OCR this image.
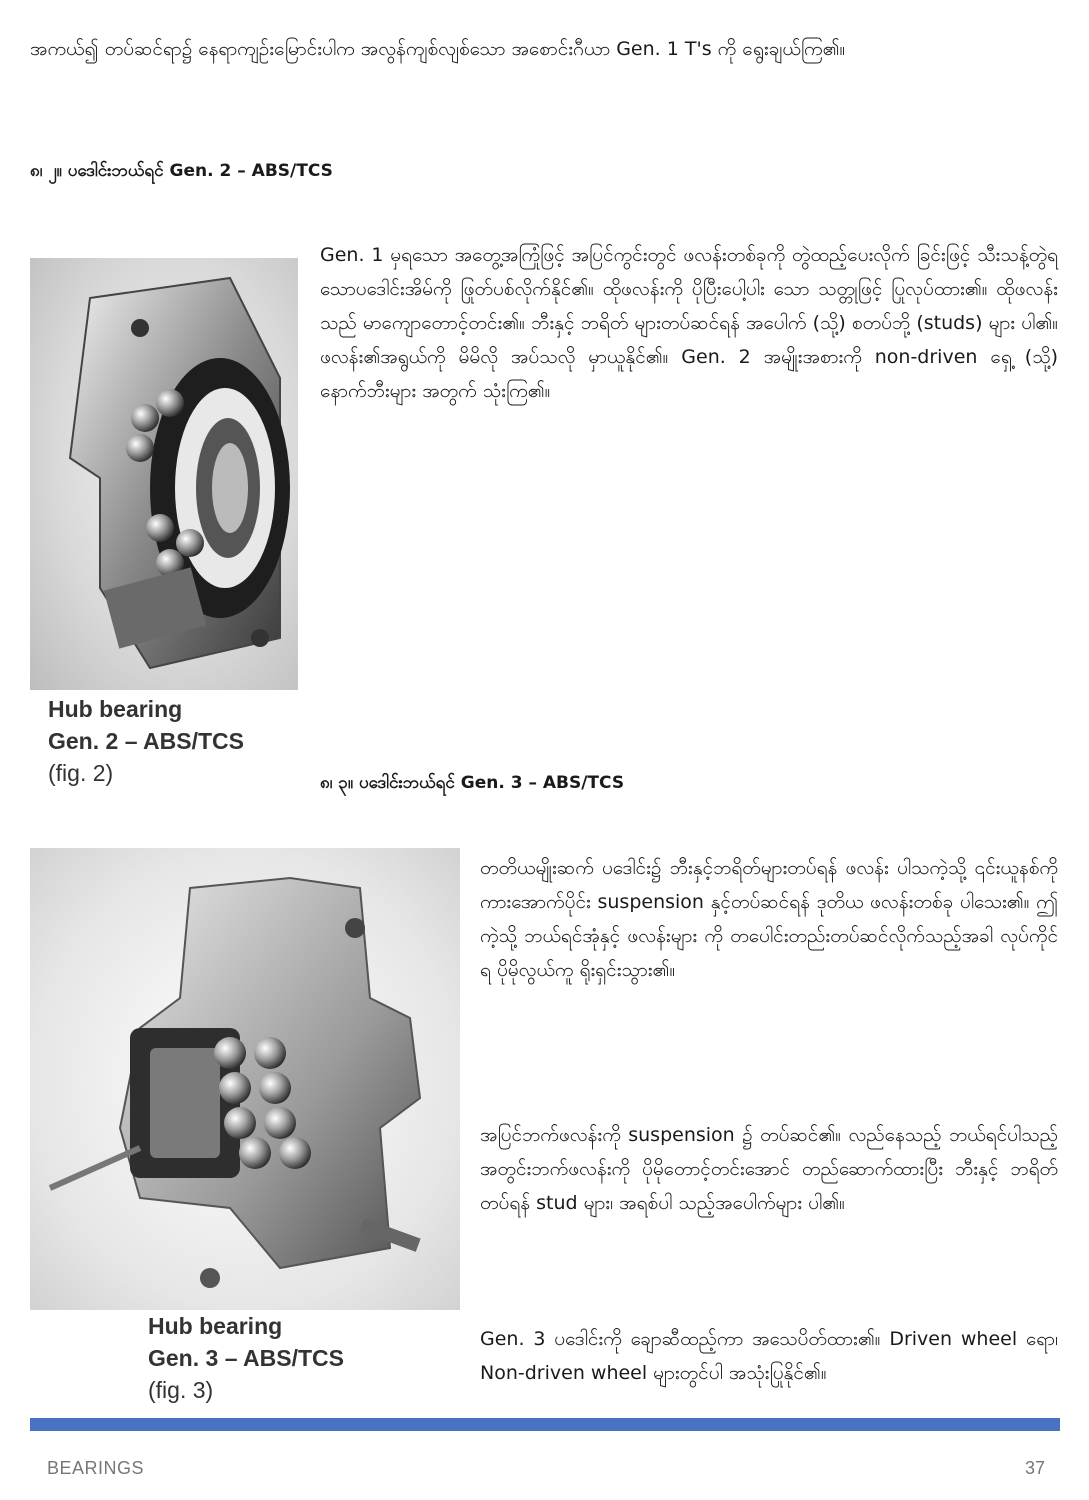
အကယ်၍ တပ်ဆင်ရာ၌ နေရာကျဉ်းမြောင်းပါက အလွန်ကျစ်လျစ်သော အစောင်းဂီယာ Gen. 1 T's ကို ရွေးချယ်ကြ၏။

၈၊ ၂။ ပဒေါင်းဘယ်ရင် Gen. 2 – ABS/TCS

Gen. 1 မှရသော အတွေ့အကြုံဖြင့် အပြင်ကွင်းတွင် ဖလန်းတစ်ခုကို တွဲထည့်ပေးလိုက် ခြင်းဖြင့် သီးသန့်တွဲရသောပဒေါင်းအိမ်ကို ဖြုတ်ပစ်လိုက်နိုင်၏။ ထိုဖလန်းကို ပိုပြီးပေါ့ပါး သော သတ္တုဖြင့် ပြုလုပ်ထား၏။ ထိုဖလန်းသည် မာကျောတောင့်တင်း၏။ ဘီးနှင့် ဘရိတ် များတပ်ဆင်ရန် အပေါက် (သို့) စတပ်ဘို့ (studs) များ ပါ၏။ ဖလန်း၏အရွယ်ကို မိမိလို အပ်သလို မှာယူနိုင်၏။ Gen. 2 အမျိုးအစားကို non-driven ရှေ့ (သို့) နောက်ဘီးများ အတွက် သုံးကြ၏။

Hub bearing
Gen. 2 – ABS/TCS
(fig. 2)	၈၊ ၃။ ပဒေါင်းဘယ်ရင် Gen. 3 – ABS/TCS

တတိယမျိုးဆက် ပဒေါင်း၌ ဘီးနှင့်ဘရိတ်များတပ်ရန် ဖလန်း ပါသကဲ့သို့ ၎င်းယူနစ်ကို ကားအောက်ပိုင်း suspension နှင့်တပ်ဆင်ရန် ဒုတိယ ဖလန်းတစ်ခု ပါသေး၏။ ဤကဲ့သို့ ဘယ်ရင်အုံနှင့် ဖလန်းများ ကို တပေါင်းတည်းတပ်ဆင်လိုက်သည့်အခါ လုပ်ကိုင်ရ ပိုမိုလွယ်ကူ ရိုးရှင်းသွား၏။

အပြင်ဘက်ဖလန်းကို suspension ၌ တပ်ဆင်၏။ လည်နေသည့် ဘယ်ရင်ပါသည့် အတွင်းဘက်ဖလန်းကို ပိုမိုတောင့်တင်းအောင် တည်ဆောက်ထားပြီး ဘီးနှင့် ဘရိတ်တပ်ရန် stud များ၊ အရစ်ပါ သည့်အပေါက်များ ပါ၏။

Gen. 3 ပဒေါင်းကို ချောဆီထည့်ကာ အသေပိတ်ထား၏။ Driven wheel ရော၊ Non-driven wheel များတွင်ပါ အသုံးပြုနိုင်၏။

Hub bearing
Gen. 3 – ABS/TCS
(fig. 3)
BEARINGS	37
